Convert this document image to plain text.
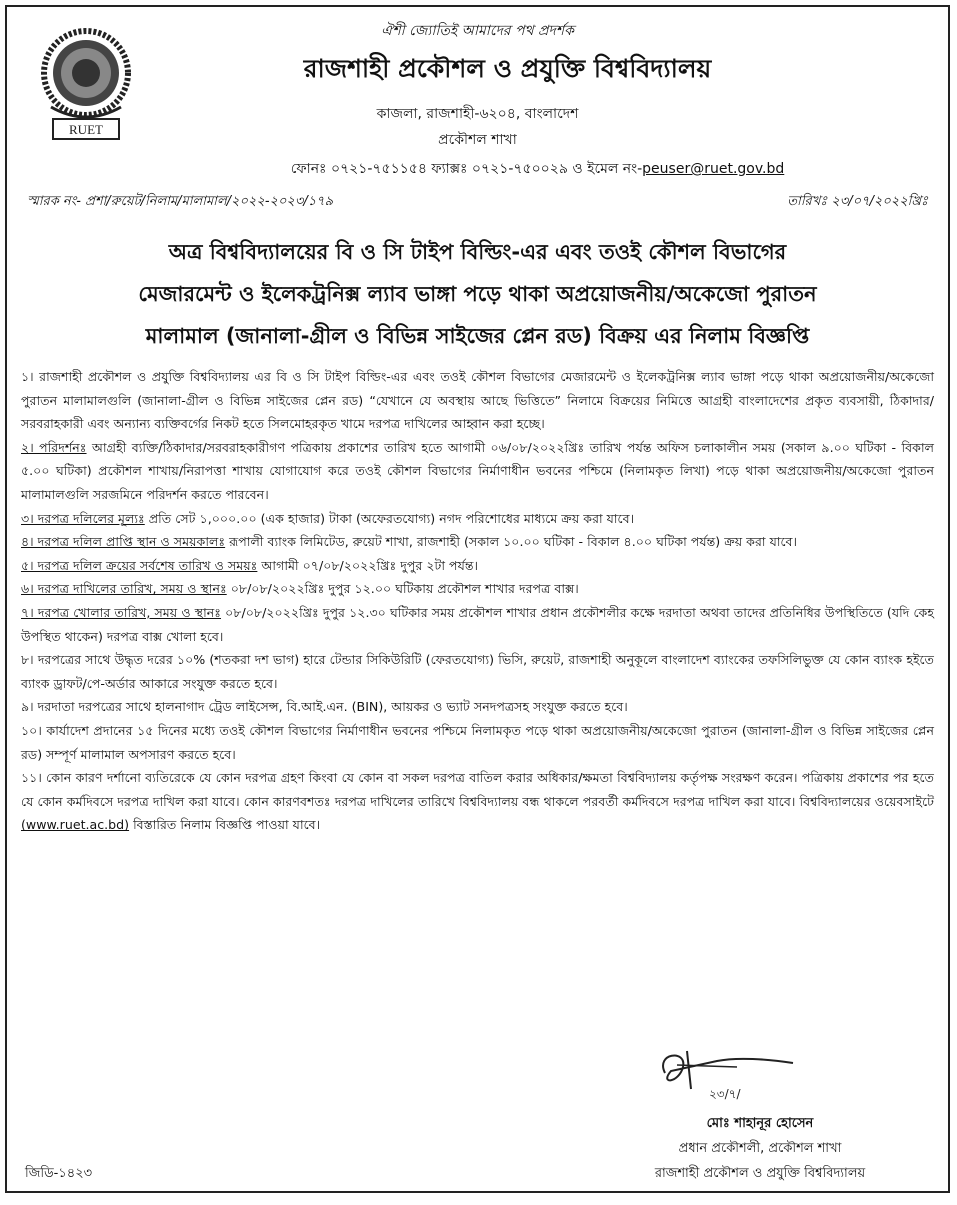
RUET
ঐশী জ্যোতিই আমাদের পথ প্রদর্শক
রাজশাহী প্রকৌশল ও প্রযুক্তি বিশ্ববিদ্যালয়
কাজলা, রাজশাহী-৬২০৪, বাংলাদেশ
প্রকৌশল শাখা
ফোনঃ ০৭২১-৭৫১১৫৪ ফ্যাক্সঃ ০৭২১-৭৫০০২৯ ও ইমেল নং-peuser@ruet.gov.bd
স্মারক নং- প্রশা/রুয়েট/নিলাম/মালামাল/২০২২-২০২৩/১৭৯	তারিখঃ ২৩/০৭/২০২২খ্রিঃ
অত্র বিশ্ববিদ্যালয়ের বি ও সি টাইপ বিল্ডিং-এর এবং তওই কৌশল বিভাগের
মেজারমেন্ট ও ইলেকট্রনিক্স ল্যাব ভাঙ্গা পড়ে থাকা অপ্রয়োজনীয়/অকেজো পুরাতন
মালামাল (জানালা-গ্রীল ও বিভিন্ন সাইজের প্লেন রড) বিক্রয় এর নিলাম বিজ্ঞপ্তি

১। রাজশাহী প্রকৌশল ও প্রযুক্তি বিশ্ববিদ্যালয় এর বি ও সি টাইপ বিল্ডিং-এর এবং তওই কৌশল বিভাগের মেজারমেন্ট ও ইলেকট্রনিক্স ল্যাব ভাঙ্গা পড়ে থাকা অপ্রয়োজনীয়/অকেজো পুরাতন মালামালগুলি (জানালা-গ্রীল ও বিভিন্ন সাইজের প্লেন রড) “যেখানে যে অবস্থায় আছে ভিত্তিতে” নিলামে বিক্রয়ের নিমিত্তে আগ্রহী বাংলাদেশের প্রকৃত ব্যবসায়ী, ঠিকাদার/সরবরাহকারী এবং অন্যান্য ব্যক্তিবর্গের নিকট হতে সিলমোহরকৃত খামে দরপত্র দাখিলের আহ্বান করা হচ্ছে।

২। পরিদর্শনঃ আগ্রহী ব্যক্তি/ঠিকাদার/সরবরাহকারীগণ পত্রিকায় প্রকাশের তারিখ হতে আগামী ০৬/০৮/২০২২খ্রিঃ তারিখ পর্যন্ত অফিস চলাকালীন সময় (সকাল ৯.০০ ঘটিকা - বিকাল ৫.০০ ঘটিকা) প্রকৌশল শাখায়/নিরাপত্তা শাখায় যোগাযোগ করে তওই কৌশল বিভাগের নির্মাণাধীন ভবনের পশ্চিমে (নিলামকৃত লিখা) পড়ে থাকা অপ্রয়োজনীয়/অকেজো পুরাতন মালামালগুলি সরজমিনে পরিদর্শন করতে পারবেন।

৩। দরপত্র দলিলের মূল্যঃ প্রতি সেট ১,০০০.০০ (এক হাজার) টাকা (অফেরতযোগ্য) নগদ পরিশোধের মাধ্যমে ক্রয় করা যাবে।

৪। দরপত্র দলিল প্রাপ্তি স্থান ও সময়কালঃ রূপালী ব্যাংক লিমিটেড, রুয়েট শাখা, রাজশাহী (সকাল ১০.০০ ঘটিকা - বিকাল ৪.০০ ঘটিকা পর্যন্ত) ক্রয় করা যাবে।

৫। দরপত্র দলিল ক্রয়ের সর্বশেষ তারিখ ও সময়ঃ আগামী ০৭/০৮/২০২২খ্রিঃ দুপুর ২টা পর্যন্ত।

৬। দরপত্র দাখিলের তারিখ, সময় ও স্থানঃ ০৮/০৮/২০২২খ্রিঃ দুপুর ১২.০০ ঘটিকায় প্রকৌশল শাখার দরপত্র বাক্স।

৭। দরপত্র খোলার তারিখ, সময় ও স্থানঃ ০৮/০৮/২০২২খ্রিঃ দুপুর ১২.৩০ ঘটিকার সময় প্রকৌশল শাখার প্রধান প্রকৌশলীর কক্ষে দরদাতা অথবা তাদের প্রতিনিধির উপস্থিতিতে (যদি কেহ উপস্থিত থাকেন) দরপত্র বাক্স খোলা হবে।

৮। দরপত্রের সাথে উদ্ধৃত দরের ১০% (শতকরা দশ ভাগ) হারে টেন্ডার সিকিউরিটি (ফেরতযোগ্য) ভিসি, রুয়েট, রাজশাহী অনুকূলে বাংলাদেশ ব্যাংকের তফসিলিভুক্ত যে কোন ব্যাংক হইতে ব্যাংক ড্রাফট/পে-অর্ডার আকারে সংযুক্ত করতে হবে।

৯। দরদাতা দরপত্রের সাথে হালনাগাদ ট্রেড লাইসেন্স, বি.আই.এন. (BIN), আয়কর ও ভ্যাট সনদপত্রসহ সংযুক্ত করতে হবে।

১০। কার্যাদেশ প্রদানের ১৫ দিনের মধ্যে তওই কৌশল বিভাগের নির্মাণাধীন ভবনের পশ্চিমে নিলামকৃত পড়ে থাকা অপ্রয়োজনীয়/অকেজো পুরাতন (জানালা-গ্রীল ও বিভিন্ন সাইজের প্লেন রড) সম্পূর্ণ মালামাল অপসারণ করতে হবে।

১১। কোন কারণ দর্শানো ব্যতিরেকে যে কোন দরপত্র গ্রহণ কিংবা যে কোন বা সকল দরপত্র বাতিল করার অধিকার/ক্ষমতা বিশ্ববিদ্যালয় কর্তৃপক্ষ সংরক্ষণ করেন। পত্রিকায় প্রকাশের পর হতে যে কোন কর্মদিবসে দরপত্র দাখিল করা যাবে। কোন কারণবশতঃ দরপত্র দাখিলের তারিখে বিশ্ববিদ্যালয় বন্ধ থাকলে পরবর্তী কর্মদিবসে দরপত্র দাখিল করা যাবে। বিশ্ববিদ্যালয়ের ওয়েবসাইটে (www.ruet.ac.bd) বিস্তারিত নিলাম বিজ্ঞপ্তি পাওয়া যাবে।

২৩/৭/
মোঃ শাহানূর হোসেন
প্রধান প্রকৌশলী, প্রকৌশল শাখা
রাজশাহী প্রকৌশল ও প্রযুক্তি বিশ্ববিদ্যালয়
জিডি-১৪২৩
